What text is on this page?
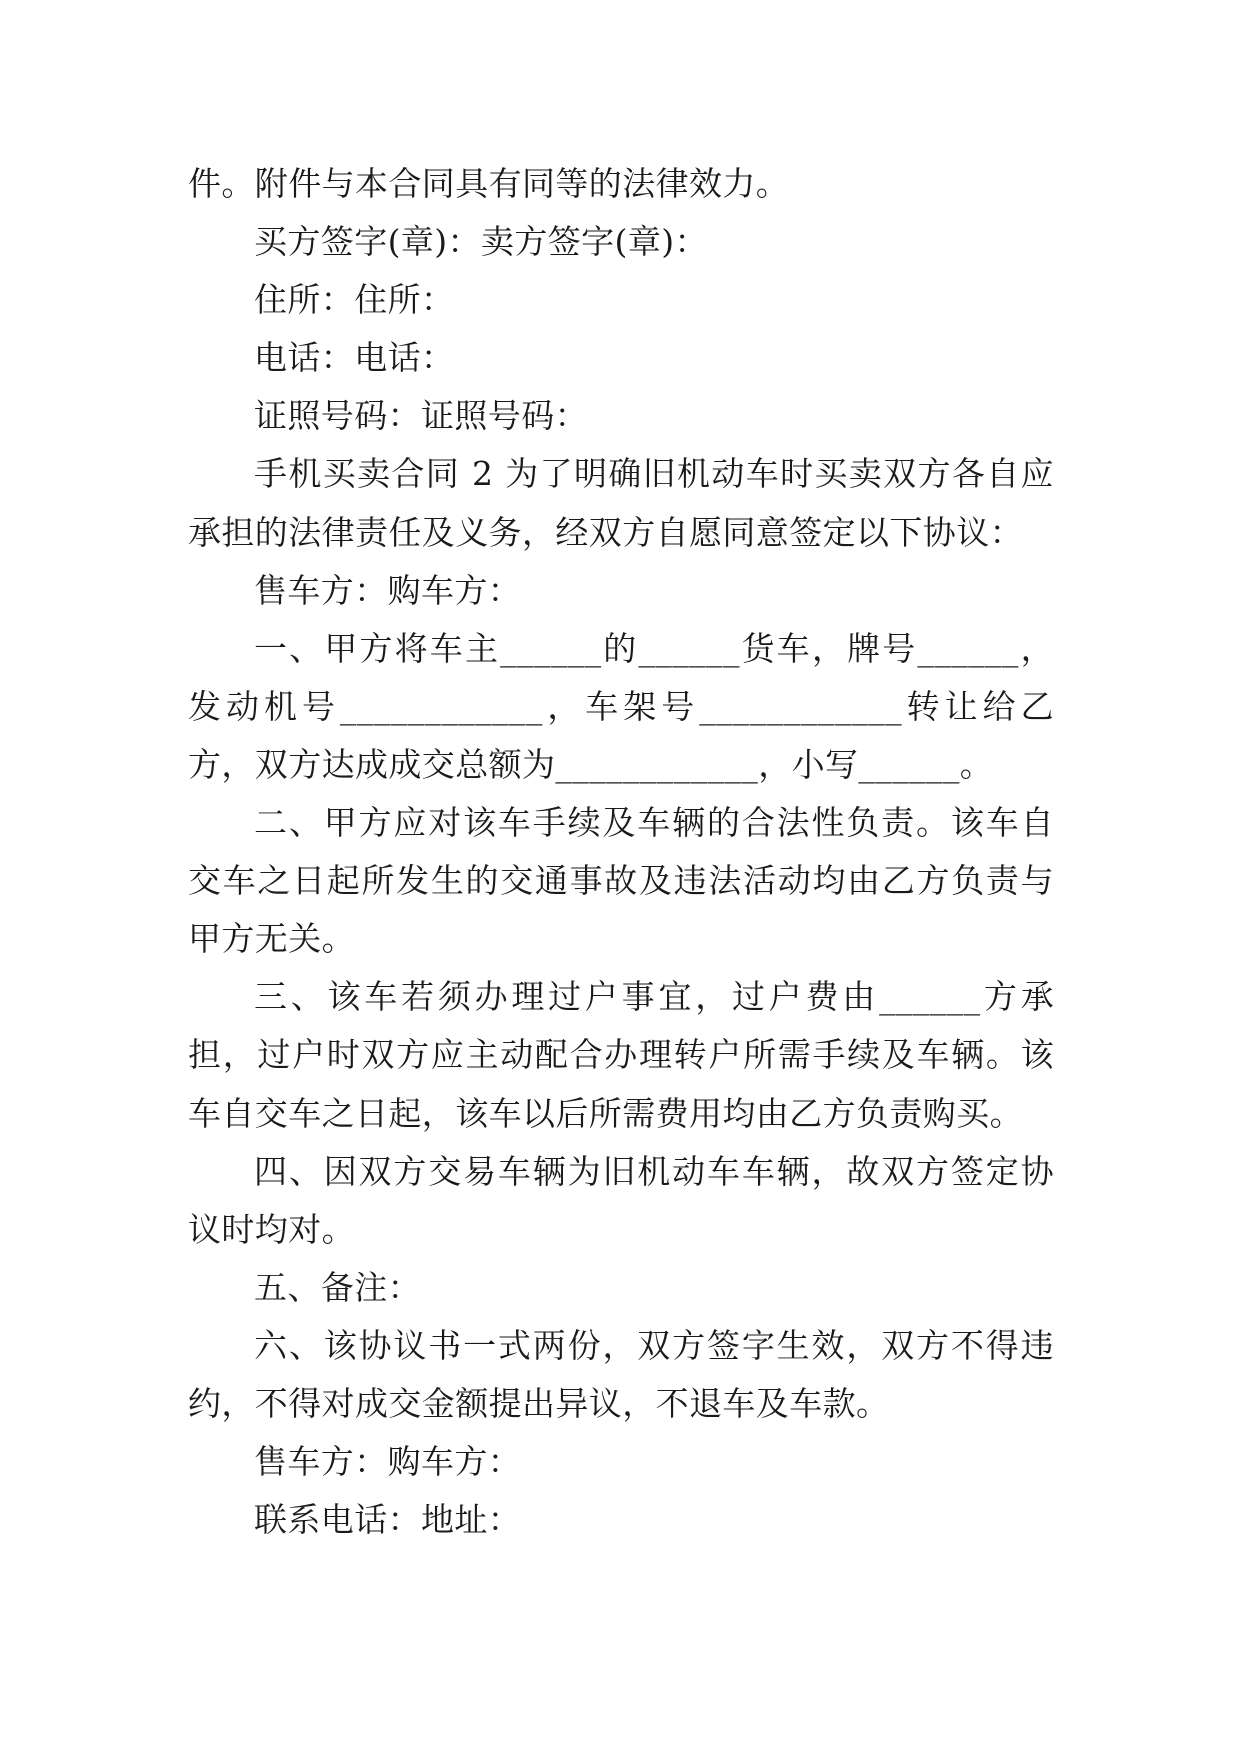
件。附件与本合同具有同等的法律效力。

买方签字(章)：卖方签字(章)：

住所：住所：

电话：电话：

证照号码：证照号码：

手机买卖合同 2 为了明确旧机动车时买卖双方各自应承担的法律责任及义务，经双方自愿同意签定以下协议：

售车方：购车方：

一、甲方将车主______的______货车，牌号______，发动机号____________，车架号____________转让给乙方，双方达成成交总额为____________，小写______。

二、甲方应对该车手续及车辆的合法性负责。该车自交车之日起所发生的交通事故及违法活动均由乙方负责与甲方无关。

三、该车若须办理过户事宜，过户费由______方承担，过户时双方应主动配合办理转户所需手续及车辆。该车自交车之日起，该车以后所需费用均由乙方负责购买。

四、因双方交易车辆为旧机动车车辆，故双方签定协议时均对。

五、备注：

六、该协议书一式两份，双方签字生效，双方不得违约，不得对成交金额提出异议，不退车及车款。

售车方：购车方：

联系电话：地址：
